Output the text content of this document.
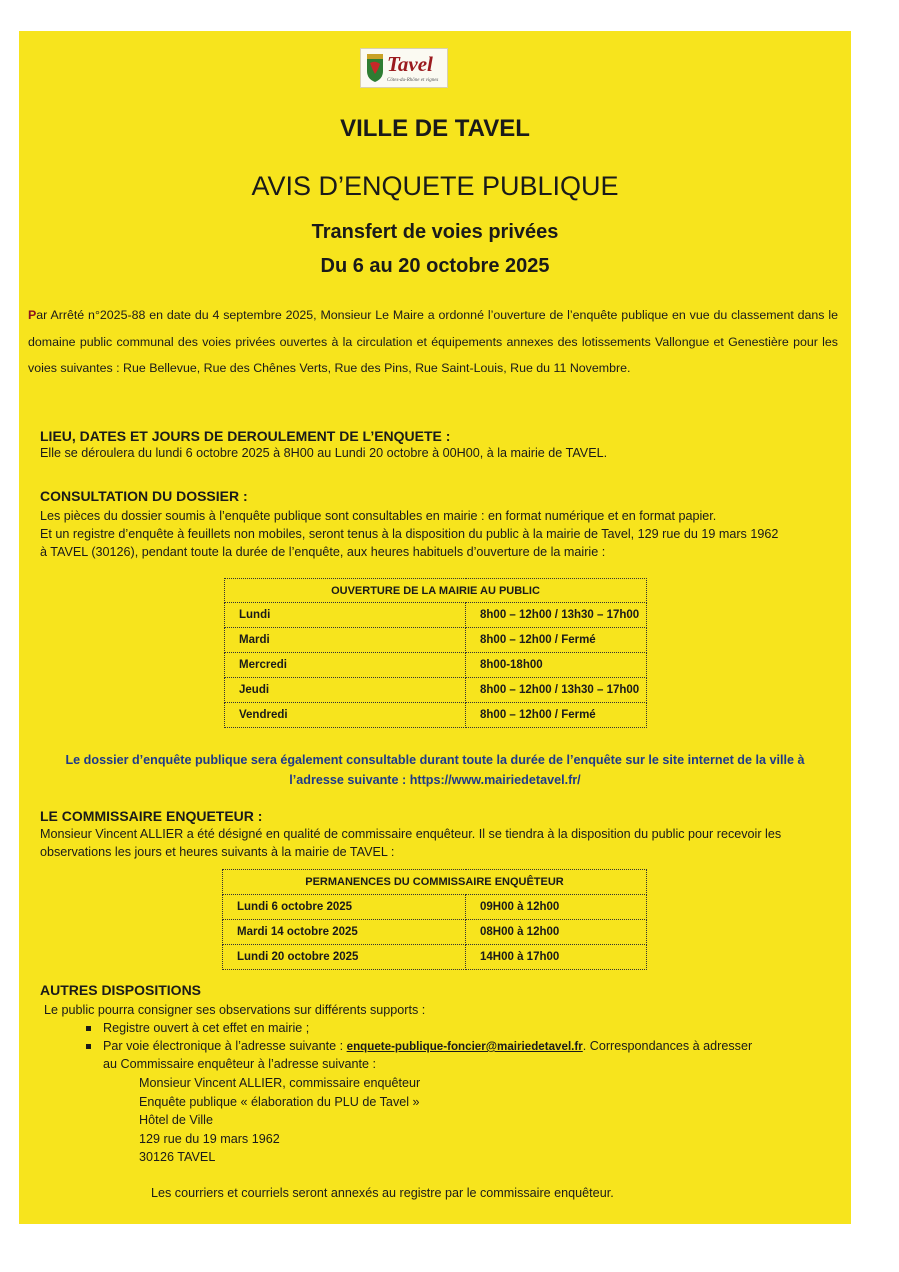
Tavel
Côtes-du-Rhône et vignes
VILLE DE TAVEL
AVIS D’ENQUETE PUBLIQUE
Transfert de voies privées
Du 6 au 20 octobre 2025
Par Arrêté n°2025-88 en date du 4 septembre 2025, Monsieur Le Maire a ordonné l’ouverture de l’enquête publique en vue du classement dans le domaine public communal des voies privées ouvertes à la circulation et équipements annexes des lotissements Vallongue et Genestière pour les voies suivantes : Rue Bellevue, Rue des Chênes Verts, Rue des Pins, Rue Saint-Louis, Rue du 11 Novembre.
LIEU, DATES ET JOURS DE DEROULEMENT DE L’ENQUETE :
Elle se déroulera du lundi 6 octobre 2025 à 8H00 au Lundi 20 octobre à 00H00, à la mairie de TAVEL.
CONSULTATION DU DOSSIER :
Les pièces du dossier soumis à l’enquête publique sont consultables en mairie : en format numérique et en format papier.
Et un registre d’enquête à feuillets non mobiles, seront tenus à la disposition du public à la mairie de Tavel, 129 rue du 19 mars 1962
à TAVEL (30126), pendant toute la durée de l’enquête, aux heures habituels d’ouverture de la mairie :
OUVERTURE DE LA MAIRIE AU PUBLIC	
Lundi	8h00 – 12h00 / 13h30 – 17h00
Mardi	8h00 – 12h00 / Fermé
Mercredi	8h00-18h00
Jeudi	8h00 – 12h00 / 13h30 – 17h00
Vendredi	8h00 – 12h00 / Fermé
Le dossier d’enquête publique sera également consultable durant toute la durée de l’enquête sur le site internet de la ville à
l’adresse suivante : https://www.mairiedetavel.fr/
LE COMMISSAIRE ENQUETEUR :
Monsieur Vincent ALLIER a été désigné en qualité de commissaire enquêteur. Il se tiendra à la disposition du public pour recevoir les
observations les jours et heures suivants à la mairie de TAVEL :
PERMANENCES DU COMMISSAIRE ENQUÊTEUR	
Lundi 6 octobre 2025	09H00 à 12h00
Mardi 14 octobre 2025	08H00 à 12h00
Lundi 20 octobre 2025	14H00 à 17h00
AUTRES DISPOSITIONS
Le public pourra consigner ses observations sur différents supports :
Registre ouvert à cet effet en mairie ;
Par voie électronique à l’adresse suivante : enquete-publique-foncier@mairiedetavel.fr. Correspondances à adresser
au Commissaire enquêteur à l’adresse suivante :
Monsieur Vincent ALLIER, commissaire enquêteur
Enquête publique « élaboration du PLU de Tavel »
Hôtel de Ville
129 rue du 19 mars 1962
30126 TAVEL
Les courriers et courriels seront annexés au registre par le commissaire enquêteur.
